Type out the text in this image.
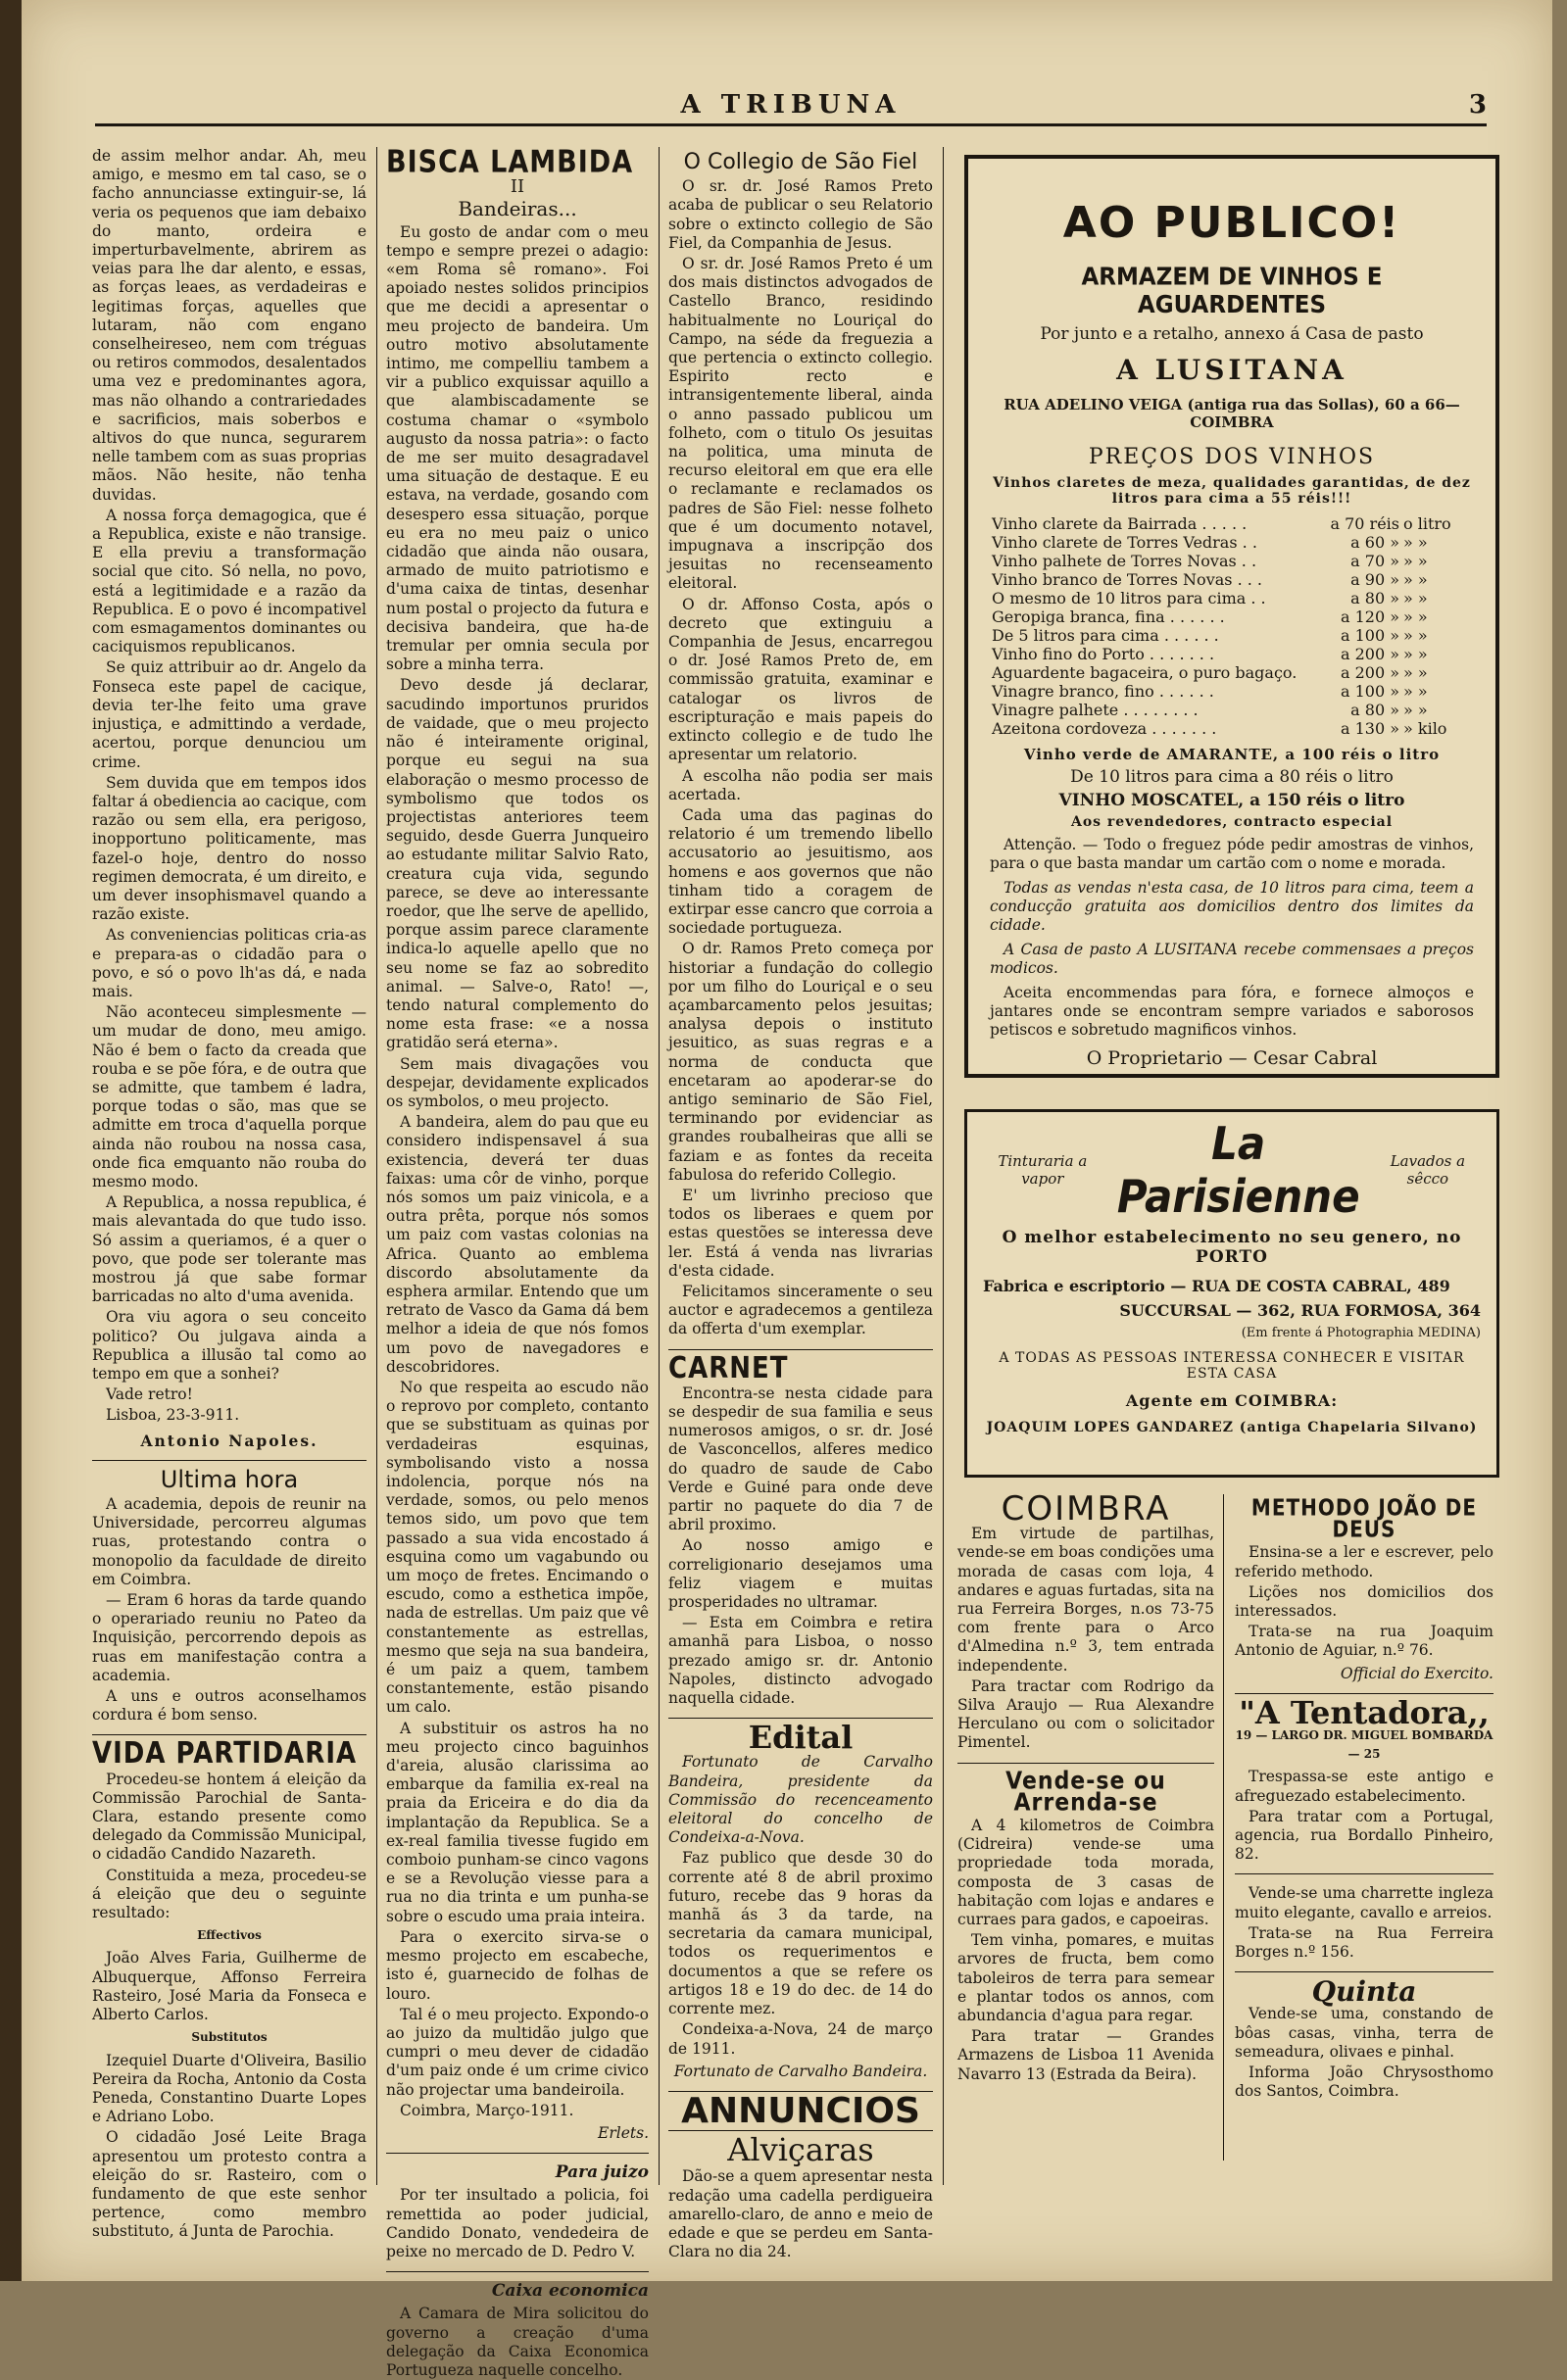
A TRIBUNA	3

de assim melhor andar. Ah, meu amigo, e mesmo em tal caso, se o facho annunciasse extinguir-se, lá veria os pequenos que iam debaixo do manto, ordeira e imperturbavelmente, abrirem as veias para lhe dar alento, e essas, as forças leaes, as verdadeiras e legitimas forças, aquelles que lutaram, não com engano conselheireseo, nem com tréguas ou retiros commodos, desalentados uma vez e predominantes agora, mas não olhando a contrariedades e sacrificios, mais soberbos e altivos do que nunca, segurarem nelle tambem com as suas proprias mãos. Não hesite, não tenha duvidas.

A nossa força demagogica, que é a Republica, existe e não transige. E ella previu a transformação social que cito. Só nella, no povo, está a legitimidade e a razão da Republica. E o povo é incompativel com esmagamentos dominantes ou caciquismos republicanos.

Se quiz attribuir ao dr. Angelo da Fonseca este papel de cacique, devia ter-lhe feito uma grave injustiça, e admittindo a verdade, acertou, porque denunciou um crime.

Sem duvida que em tempos idos faltar á obediencia ao cacique, com razão ou sem ella, era perigoso, inopportuno politicamente, mas fazel-o hoje, dentro do nosso regimen democrata, é um direito, e um dever insophismavel quando a razão existe.

As conveniencias politicas cria-as e prepara-as o cidadão para o povo, e só o povo lh'as dá, e nada mais.

Não aconteceu simplesmente — um mudar de dono, meu amigo. Não é bem o facto da creada que rouba e se põe fóra, e de outra que se admitte, que tambem é ladra, porque todas o são, mas que se admitte em troca d'aquella porque ainda não roubou na nossa casa, onde fica emquanto não rouba do mesmo modo.

A Republica, a nossa republica, é mais alevantada do que tudo isso. Só assim a queriamos, é a quer o povo, que pode ser tolerante mas mostrou já que sabe formar barricadas no alto d'uma avenida.

Ora viu agora o seu conceito politico? Ou julgava ainda a Republica a illusão tal como ao tempo em que a sonhei?

Vade retro!

Lisboa, 23-3-911.

Antonio Napoles.
Ultima hora

A academia, depois de reunir na Universidade, percorreu algumas ruas, protestando contra o monopolio da faculdade de direito em Coimbra.

— Eram 6 horas da tarde quando o operariado reuniu no Pateo da Inquisição, percorrendo depois as ruas em manifestação contra a academia.

A uns e outros aconselhamos cordura é bom senso.

VIDA PARTIDARIA

Procedeu-se hontem á eleição da Commissão Parochial de Santa-Clara, estando presente como delegado da Commissão Municipal, o cidadão Candido Nazareth.

Constituida a meza, procedeu-se á eleição que deu o seguinte resultado:

Effectivos

João Alves Faria, Guilherme de Albuquerque, Affonso Ferreira Rasteiro, José Maria da Fonseca e Alberto Carlos.

Substitutos

Izequiel Duarte d'Oliveira, Basilio Pereira da Rocha, Antonio da Costa Peneda, Constantino Duarte Lopes e Adriano Lobo.

O cidadão José Leite Braga apresentou um protesto contra a eleição do sr. Rasteiro, com o fundamento de que este senhor pertence, como membro substituto, á Junta de Parochia.

BISCA LAMBIDA
II
Bandeiras...

Eu gosto de andar com o meu tempo e sempre prezei o adagio: «em Roma sê romano». Foi apoiado nestes solidos principios que me decidi a apresentar o meu projecto de bandeira. Um outro motivo absolutamente intimo, me compelliu tambem a vir a publico exquissar aquillo a que alambiscadamente se costuma chamar o «symbolo augusto da nossa patria»: o facto de me ser muito desagradavel uma situação de destaque. E eu estava, na verdade, gosando com desespero essa situação, porque eu era no meu paiz o unico cidadão que ainda não ousara, armado de muito patriotismo e d'uma caixa de tintas, desenhar num postal o projecto da futura e decisiva bandeira, que ha-de tremular per omnia secula por sobre a minha terra.

Devo desde já declarar, sacudindo importunos pruridos de vaidade, que o meu projecto não é inteiramente original, porque eu segui na sua elaboração o mesmo processo de symbolismo que todos os projectistas anteriores teem seguido, desde Guerra Junqueiro ao estudante militar Salvio Rato, creatura cuja vida, segundo parece, se deve ao interessante roedor, que lhe serve de apellido, porque assim parece claramente indica-lo aquelle apello que no seu nome se faz ao sobredito animal. — Salve-o, Rato! —, tendo natural complemento do nome esta frase: «e a nossa gratidão será eterna».

Sem mais divagações vou despejar, devidamente explicados os symbolos, o meu projecto.

A bandeira, alem do pau que eu considero indispensavel á sua existencia, deverá ter duas faixas: uma côr de vinho, porque nós somos um paiz vinicola, e a outra prêta, porque nós somos um paiz com vastas colonias na Africa. Quanto ao emblema discordo absolutamente da esphera armilar. Entendo que um retrato de Vasco da Gama dá bem melhor a ideia de que nós fomos um povo de navegadores e descobridores.

No que respeita ao escudo não o reprovo por completo, contanto que se substituam as quinas por verdadeiras esquinas, symbolisando visto a nossa indolencia, porque nós na verdade, somos, ou pelo menos temos sido, um povo que tem passado a sua vida encostado á esquina como um vagabundo ou um moço de fretes. Encimando o escudo, como a esthetica impõe, nada de estrellas. Um paiz que vê constantemente as estrellas, mesmo que seja na sua bandeira, é um paiz a quem, tambem constantemente, estão pisando um calo.

A substituir os astros ha no meu projecto cinco baguinhos d'areia, alusão clarissima ao embarque da familia ex-real na praia da Ericeira e do dia da implantação da Republica. Se a ex-real familia tivesse fugido em comboio punham-se cinco vagons e se a Revolução viesse para a rua no dia trinta e um punha-se sobre o escudo uma praia inteira.

Para o exercito sirva-se o mesmo projecto em escabeche, isto é, guarnecido de folhas de louro.

Tal é o meu projecto. Expondo-o ao juizo da multidão julgo que cumpri o meu dever de cidadão d'um paiz onde é um crime civico não projectar uma bandeiroila.

Coimbra, Março-1911.

Erlets.
Para juizo

Por ter insultado a policia, foi remettida ao poder judicial, Candido Donato, vendedeira de peixe no mercado de D. Pedro V.

Caixa economica

A Camara de Mira solicitou do governo a creação d'uma delegação da Caixa Economica Portugueza naquelle concelho.

O Collegio de São Fiel

O sr. dr. José Ramos Preto acaba de publicar o seu Relatorio sobre o extincto collegio de São Fiel, da Companhia de Jesus.

O sr. dr. José Ramos Preto é um dos mais distinctos advogados de Castello Branco, residindo habitualmente no Louriçal do Campo, na séde da freguezia a que pertencia o extincto collegio. Espirito recto e intransigentemente liberal, ainda o anno passado publicou um folheto, com o titulo Os jesuitas na politica, uma minuta de recurso eleitoral em que era elle o reclamante e reclamados os padres de São Fiel: nesse folheto que é um documento notavel, impugnava a inscripção dos jesuitas no recenseamento eleitoral.

O dr. Affonso Costa, após o decreto que extinguiu a Companhia de Jesus, encarregou o dr. José Ramos Preto de, em commissão gratuita, examinar e catalogar os livros de escripturação e mais papeis do extincto collegio e de tudo lhe apresentar um relatorio.

A escolha não podia ser mais acertada.

Cada uma das paginas do relatorio é um tremendo libello accusatorio ao jesuitismo, aos homens e aos governos que não tinham tido a coragem de extirpar esse cancro que corroia a sociedade portugueza.

O dr. Ramos Preto começa por historiar a fundação do collegio por um filho do Louriçal e o seu açambarcamento pelos jesuitas; analysa depois o instituto jesuitico, as suas regras e a norma de conducta que encetaram ao apoderar-se do antigo seminario de São Fiel, terminando por evidenciar as grandes roubalheiras que alli se faziam e as fontes da receita fabulosa do referido Collegio.

E' um livrinho precioso que todos os liberaes e quem por estas questões se interessa deve ler. Está á venda nas livrarias d'esta cidade.

Felicitamos sinceramente o seu auctor e agradecemos a gentileza da offerta d'um exemplar.

CARNET

Encontra-se nesta cidade para se despedir de sua familia e seus numerosos amigos, o sr. dr. José de Vasconcellos, alferes medico do quadro de saude de Cabo Verde e Guiné para onde deve partir no paquete do dia 7 de abril proximo.

Ao nosso amigo e correligionario desejamos uma feliz viagem e muitas prosperidades no ultramar.

— Esta em Coimbra e retira amanhã para Lisboa, o nosso prezado amigo sr. dr. Antonio Napoles, distincto advogado naquella cidade.

Edital

Fortunato de Carvalho Bandeira, presidente da Commissão do recenceamento eleitoral do concelho de Condeixa-a-Nova.

Faz publico que desde 30 do corrente até 8 de abril proximo futuro, recebe das 9 horas da manhã ás 3 da tarde, na secretaria da camara municipal, todos os requerimentos e documentos a que se refere os artigos 18 e 19 do dec. de 14 do corrente mez.

Condeixa-a-Nova, 24 de março de 1911.

Fortunato de Carvalho Bandeira.
ANNUNCIOS
Alviçaras

Dão-se a quem apresentar nesta redação uma cadella perdigueira amarello-claro, de anno e meio de edade e que se perdeu em Santa-Clara no dia 24.

AO PUBLICO!
ARMAZEM DE VINHOS E AGUARDENTES
Por junto e a retalho, annexo á Casa de pasto
A LUSITANA
RUA ADELINO VEIGA (antiga rua das Sollas), 60 a 66—COIMBRA
PREÇOS DOS VINHOS
Vinhos claretes de meza, qualidades garantidas, de dez litros para cima a 55 réis!!!
Vinho clarete da Bairrada . . . . .	a 70 réis	o litro
Vinho clarete de Torres Vedras . .	a 60 »	» »
Vinho palhete de Torres Novas . .	a 70 »	» »
Vinho branco de Torres Novas . . .	a 90 »	» »
O mesmo de 10 litros para cima . .	a 80 »	» »
Geropiga branca, fina . . . . . .	a 120 »	» »
De 5 litros para cima . . . . . .	a 100 »	» »
Vinho fino do Porto . . . . . . .	a 200 »	» »
Aguardente bagaceira, o puro bagaço.	a 200 »	» »
Vinagre branco, fino . . . . . .	a 100 »	» »
Vinagre palhete . . . . . . . .	a 80 »	» »
Azeitona cordoveza . . . . . . .	a 130 »	» kilo
Vinho verde de AMARANTE, a 100 réis o litro
De 10 litros para cima a 80 réis o litro
VINHO MOSCATEL, a 150 réis o litro
Aos revendedores, contracto especial
Attenção. — Todo o freguez póde pedir amostras de vinhos, para o que basta mandar um cartão com o nome e morada.
Todas as vendas n'esta casa, de 10 litros para cima, teem a conducção gratuita aos domicilios dentro dos limites da cidade.
A Casa de pasto A LUSITANA recebe commensaes a preços modicos.
Aceita encommendas para fóra, e fornece almoços e jantares onde se encontram sempre variados e saborosos petiscos e sobretudo magnificos vinhos.
O Proprietario — Cesar Cabral
Tinturaria a vapor
La Parisienne
Lavados a sêcco
O melhor estabelecimento no seu genero, no PORTO
Fabrica e escriptorio — RUA DE COSTA CABRAL, 489
SUCCURSAL — 362, RUA FORMOSA, 364
(Em frente á Photographia MEDINA)
A TODAS AS PESSOAS INTERESSA CONHECER E VISITAR ESTA CASA
Agente em COIMBRA:
JOAQUIM LOPES GANDAREZ (antiga Chapelaria Silvano)
COIMBRA

Em virtude de partilhas, vende-se em boas condições uma morada de casas com loja, 4 andares e aguas furtadas, sita na rua Ferreira Borges, n.os 73-75 com frente para o Arco d'Almedina n.º 3, tem entrada independente.

Para tractar com Rodrigo da Silva Araujo — Rua Alexandre Herculano ou com o solicitador Pimentel.

Vende-se ou Arrenda-se

A 4 kilometros de Coimbra (Cidreira) vende-se uma propriedade toda morada, composta de 3 casas de habitação com lojas e andares e curraes para gados, e capoeiras.

Tem vinha, pomares, e muitas arvores de fructa, bem como taboleiros de terra para semear e plantar todos os annos, com abundancia d'agua para regar.

Para tratar — Grandes Armazens de Lisboa 11 Avenida Navarro 13 (Estrada da Beira).

METHODO JOÃO DE DEUS

Ensina-se a ler e escrever, pelo referido methodo.

Lições nos domicilios dos interessados.

Trata-se na rua Joaquim Antonio de Aguiar, n.º 76.

Official do Exercito.
"A Tentadora,,
19 — LARGO DR. MIGUEL BOMBARDA — 25

Trespassa-se este antigo e afreguezado estabelecimento.

Para tratar com a Portugal, agencia, rua Bordallo Pinheiro, 82.

Vende-se uma charrette ingleza muito elegante, cavallo e arreios.

Trata-se na Rua Ferreira Borges n.º 156.

Quinta

Vende-se uma, constando de bôas casas, vinha, terra de semeadura, olivaes e pinhal.

Informa João Chrysosthomo dos Santos, Coimbra.
